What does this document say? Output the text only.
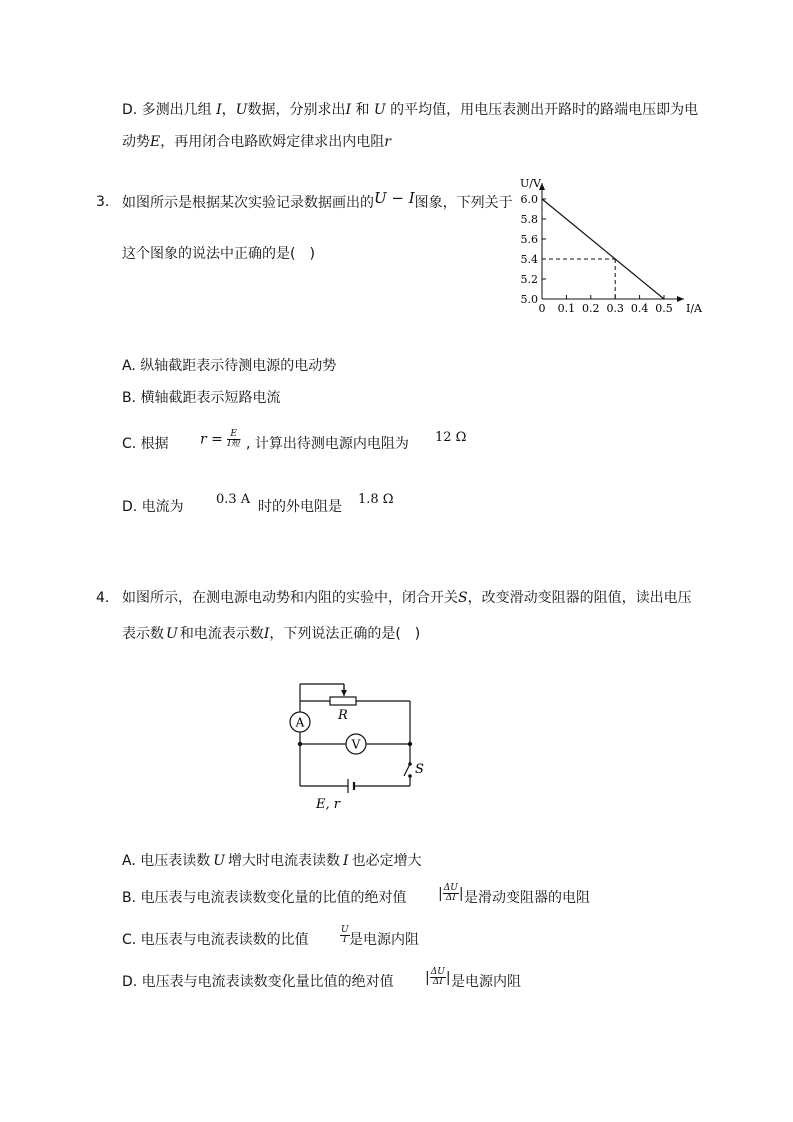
D. 多测出几组 I，U数据，分别求出I 和 U 的平均值，用电压表测出开路时的路端电压即为电
动势E，再用闭合电路欧姆定律求出内电阻r
3. 如图所示是根据某次实验记录数据画出的U − I图象，下列关于
这个图象的说法中正确的是(　)
0 0.1 0.2 0.3 0.4 0.5
5.0
5.2
5.4
5.6
5.8
6.0
I/A
U/V
A. 纵轴截距表示待测电源的电动势
B. 横轴截距表示短路电流
C. 根据 $r = \frac{E}{\text{I短}}$ , 计算出待测电源内电阻为 12 Ω
D. 电流为 0.3 A 时的外电阻是 1.8 Ω
4. 如图所示，在测电源电动势和内阻的实验中，闭合开关S，改变滑动变阻器的阻值，读出电压
表示数 U 和电流表示数I，下列说法正确的是(　)
A
V
R
S
E, r
A. 电压表读数 U 增大时电流表读数 I 也必定增大
B. 电压表与电流表读数变化量的比值的绝对值 | $\frac{\Delta U}{\Delta I}$ | 是滑动变阻器的电阻
C. 电压表与电流表读数的比值	$\frac{U}{I}$ 是电源内阻
D. 电压表与电流表读数变化量比值的绝对值 | $\frac{\Delta U}{\Delta I}$ | 是电源内阻
